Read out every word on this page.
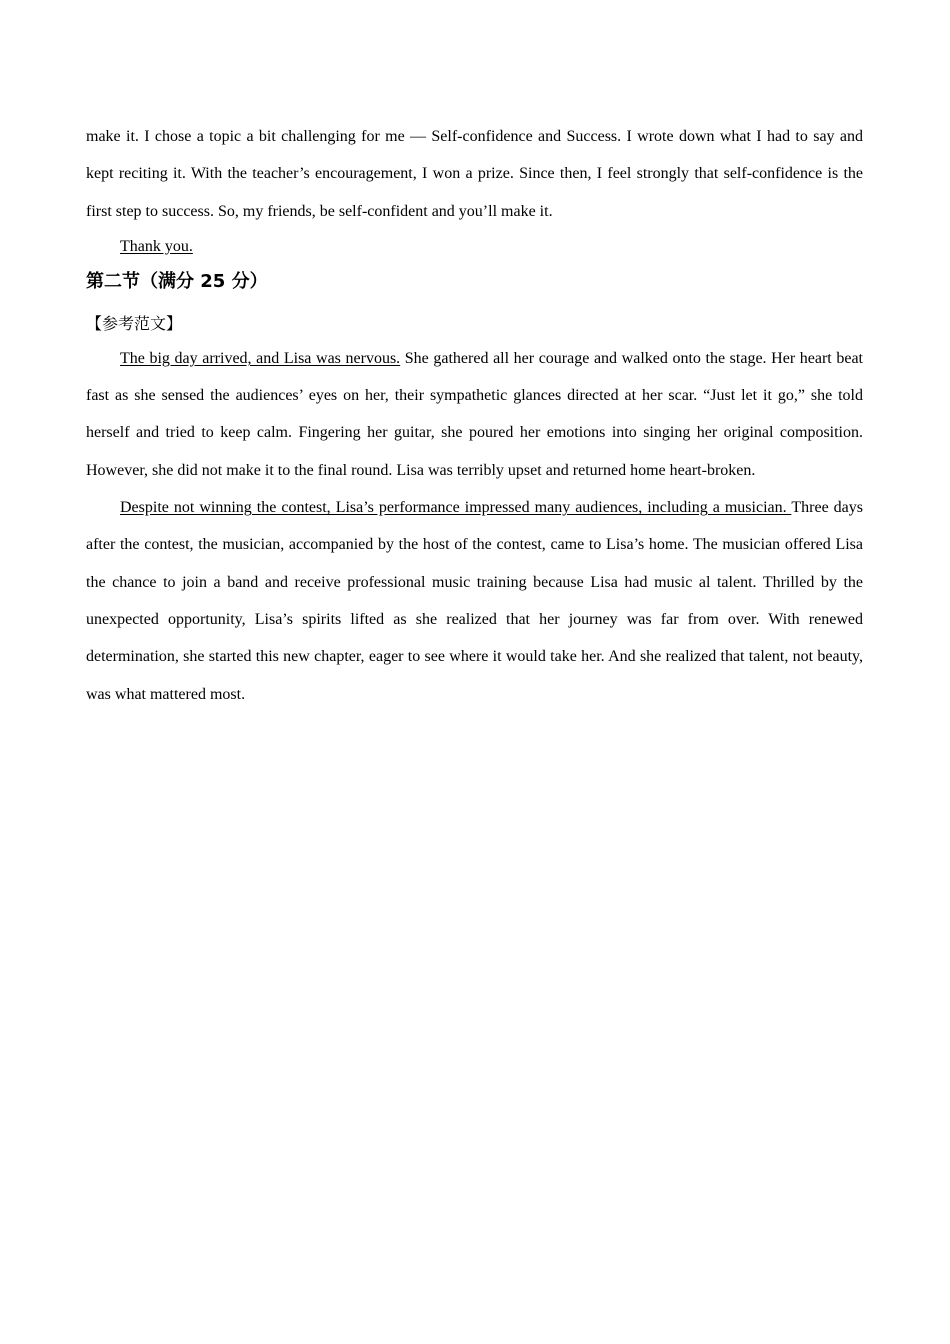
make it. I chose a topic a bit challenging for me — Self-confidence and Success. I wrote down what I had to say and kept reciting it. With the teacher’s encouragement, I won a prize. Since then, I feel strongly that self-confidence is the first step to success. So, my friends, be self-confident and you’ll make it.

Thank you.

第二节（满分 25 分）

【参考范文】

The big day arrived, and Lisa was nervous. She gathered all her courage and walked onto the stage. Her heart beat fast as she sensed the audiences’ eyes on her, their sympathetic glances directed at her scar. “Just let it go,” she told herself and tried to keep calm. Fingering her guitar, she poured her emotions into singing her original composition. However, she did not make it to the final round. Lisa was terribly upset and returned home heart-broken.

Despite not winning the contest, Lisa’s performance impressed many audiences, including a musician. Three days after the contest, the musician, accompanied by the host of the contest, came to Lisa’s home. The musician offered Lisa the chance to join a band and receive professional music training because Lisa had music al talent. Thrilled by the unexpected opportunity, Lisa’s spirits lifted as she realized that her journey was far from over. With renewed determination, she started this new chapter, eager to see where it would take her. And she realized that talent, not beauty, was what mattered most.
